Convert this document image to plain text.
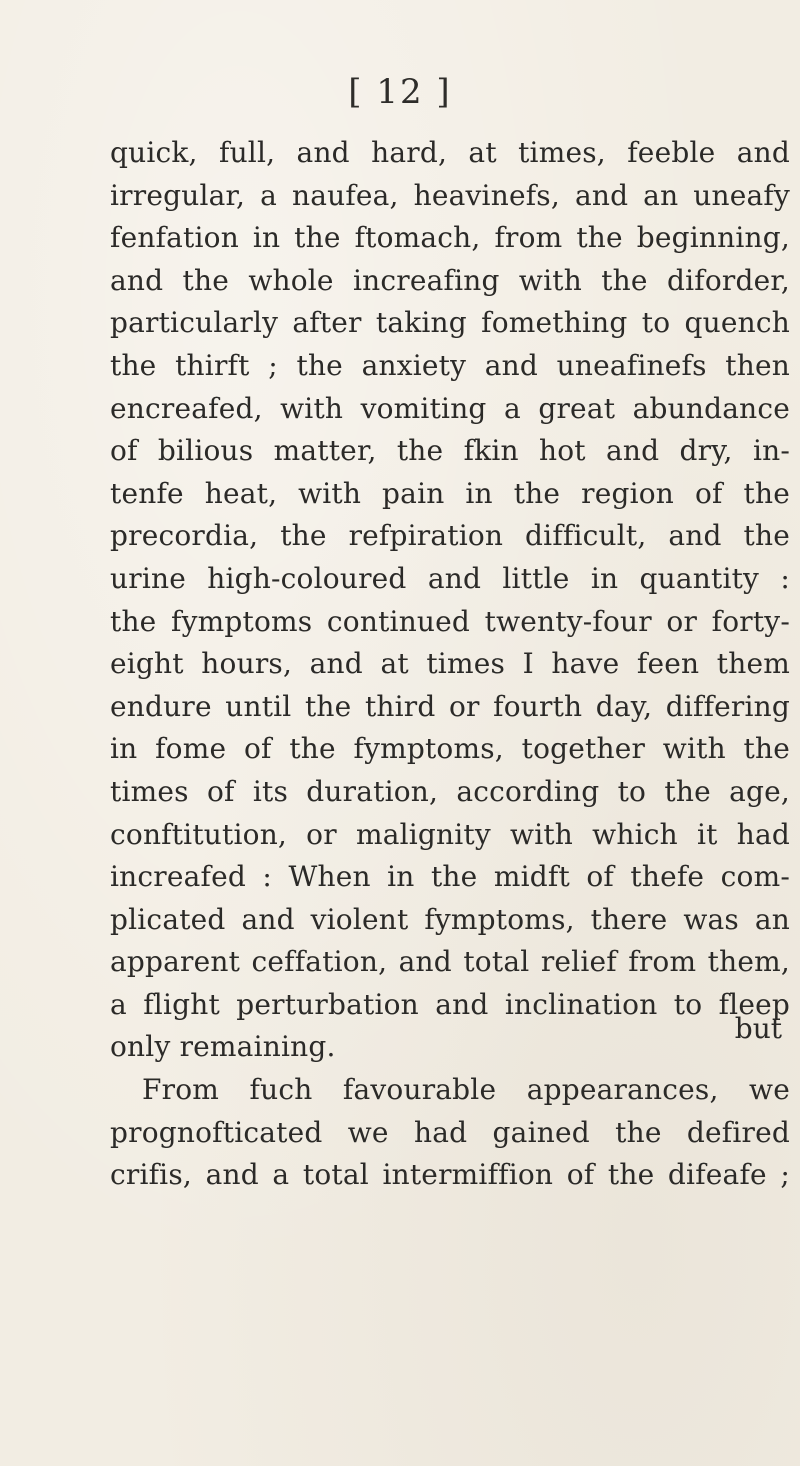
[ 12 ]
quick, full, and hard, at times, feeble and
irregular, a naufea, heavinefs, and an uneafy
fenfation in the ftomach, from the beginning,
and the whole increafing with the diforder,
particularly after taking fomething to quench
the thirft ; the anxiety and uneafinefs then
encreafed, with vomiting a great abundance
of bilious matter, the fkin hot and dry, in-
tenfe heat, with pain in the region of the
precordia, the refpiration difficult, and the
urine high-coloured and little in quantity :
the fymptoms continued twenty-four or forty-
eight hours, and at times I have feen them
endure until the third or fourth day, differing
in fome of the fymptoms, together with the
times of its duration, according to the age,
conftitution, or malignity with which it had
increafed : When in the midft of thefe com-
plicated and violent fymptoms, there was an
apparent ceffation, and total relief from them,
a flight perturbation and inclination to fleep
only remaining.
From fuch favourable appearances, we
prognofticated we had gained the defired
crifis, and a total intermiffion of the difeafe ;
but
